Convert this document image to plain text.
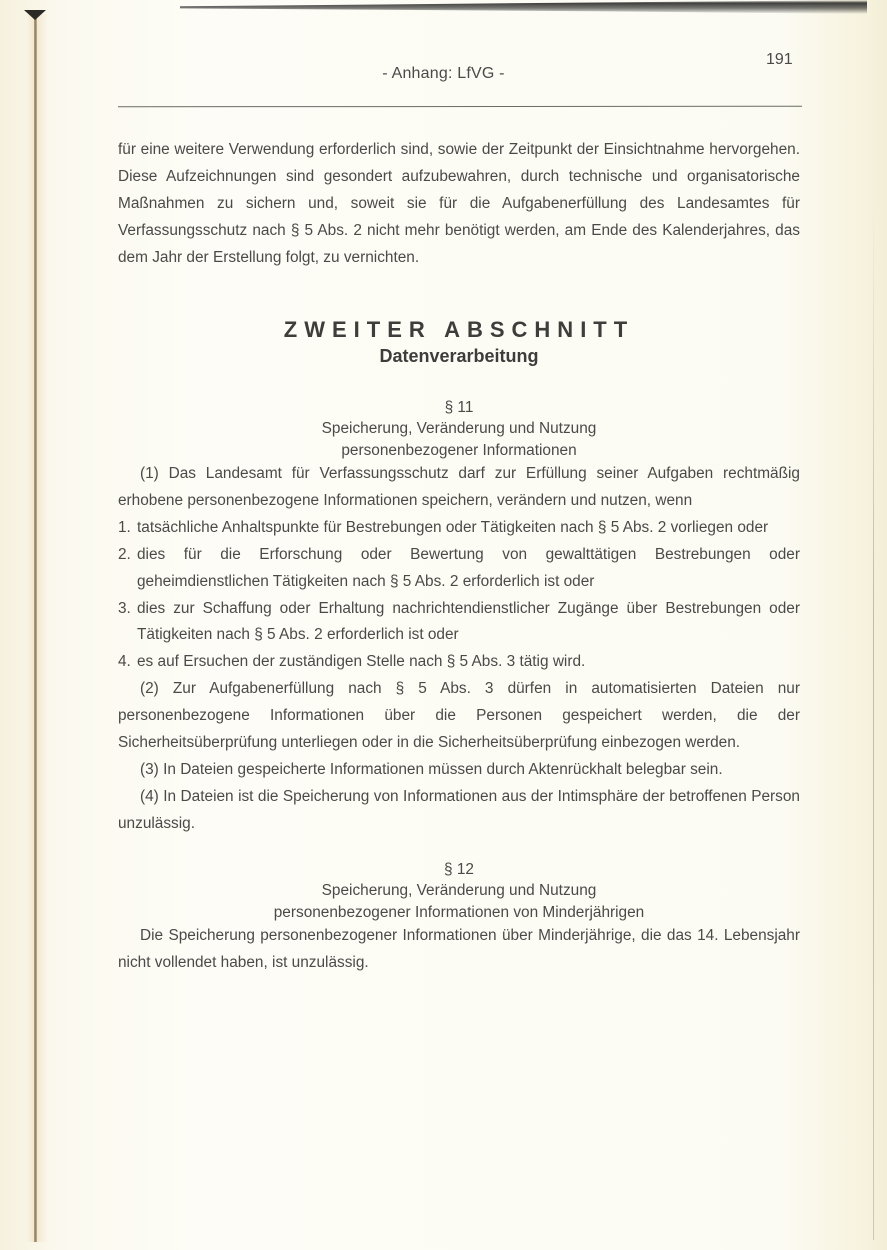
- Anhang: LfVG -
191

für eine weitere Verwendung erforderlich sind, sowie der Zeitpunkt der Einsichtnahme hervorgehen. Diese Aufzeichnungen sind gesondert aufzubewahren, durch technische und organisatorische Maßnahmen zu sichern und, soweit sie für die Aufgabenerfüllung des Landesamtes für Verfassungsschutz nach § 5 Abs. 2 nicht mehr benötigt werden, am Ende des Kalenderjahres, das dem Jahr der Erstellung folgt, zu vernichten.

ZWEITER ABSCHNITT
Datenverarbeitung
§ 11
Speicherung, Veränderung und Nutzung
personenbezogener Informationen

(1) Das Landesamt für Verfassungsschutz darf zur Erfüllung seiner Aufgaben rechtmäßig erhobene personenbezogene Informationen speichern, verändern und nutzen, wenn

1. tatsächliche Anhaltspunkte für Bestrebungen oder Tätigkeiten nach § 5 Abs. 2 vorliegen oder
2. dies für die Erforschung oder Bewertung von gewalttätigen Bestrebungen oder geheimdienstlichen Tätigkeiten nach § 5 Abs. 2 erforderlich ist oder
3. dies zur Schaffung oder Erhaltung nachrichtendienstlicher Zugänge über Bestrebungen oder Tätigkeiten nach § 5 Abs. 2 erforderlich ist oder
4. es auf Ersuchen der zuständigen Stelle nach § 5 Abs. 3 tätig wird.

(2) Zur Aufgabenerfüllung nach § 5 Abs. 3 dürfen in automatisierten Dateien nur personenbezogene Informationen über die Personen gespeichert werden, die der Sicherheitsüberprüfung unterliegen oder in die Sicherheitsüberprüfung einbezogen werden.

(3) In Dateien gespeicherte Informationen müssen durch Aktenrückhalt belegbar sein.

(4) In Dateien ist die Speicherung von Informationen aus der Intimsphäre der betroffenen Person unzulässig.

§ 12
Speicherung, Veränderung und Nutzung
personenbezogener Informationen von Minderjährigen

Die Speicherung personenbezogener Informationen über Minderjährige, die das 14. Lebensjahr nicht vollendet haben, ist unzulässig.
